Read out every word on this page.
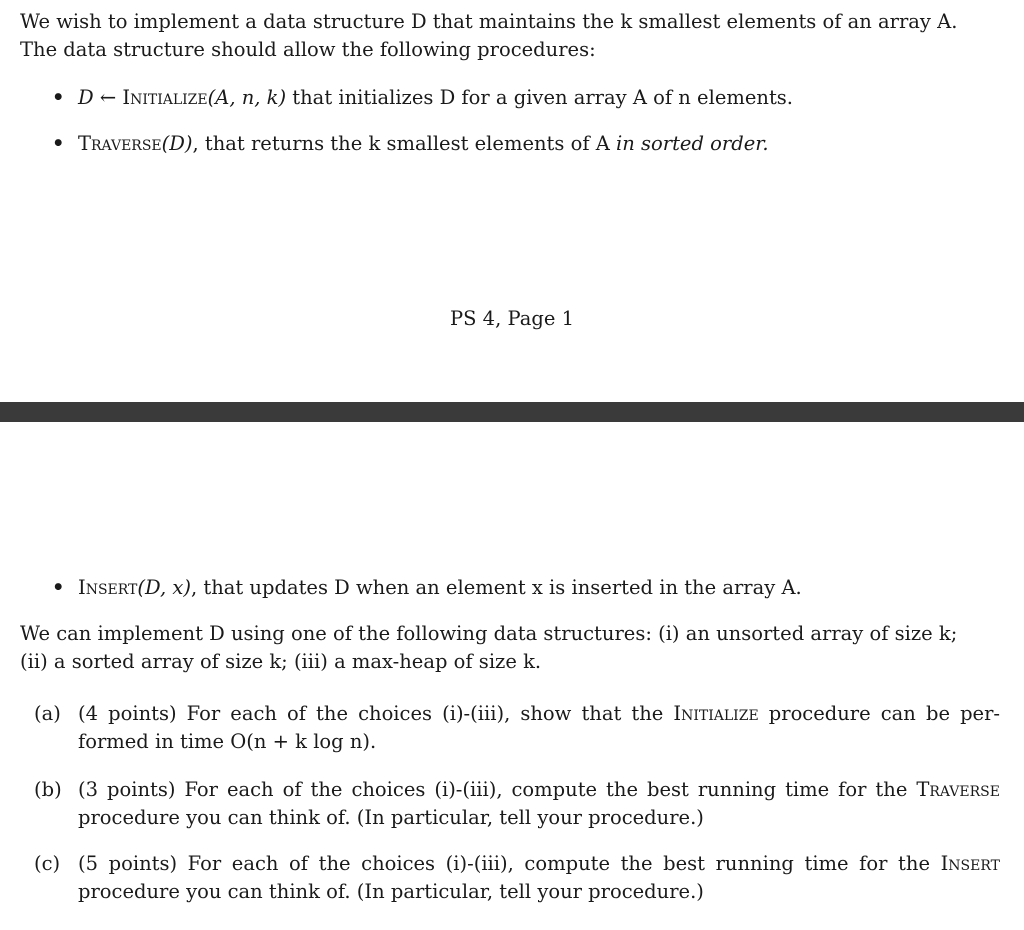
We wish to implement a data structure D that maintains the k smallest elements of an array A.
The data structure should allow the following procedures:

• D ← Initialize(A, n, k) that initializes D for a given array A of n elements.

• Traverse(D), that returns the k smallest elements of A in sorted order.

PS 4, Page 1

• Insert(D, x), that updates D when an element x is inserted in the array A.

We can implement D using one of the following data structures: (i) an unsorted array of size k;
(ii) a sorted array of size k; (iii) a max-heap of size k.

(a) (4 points) For each of the choices (i)-(iii), show that the Initialize procedure can be per-formed in time O(n + k log n).
(b) (3 points) For each of the choices (i)-(iii), compute the best running time for the Traverse procedure you can think of. (In particular, tell your procedure.)
(c) (5 points) For each of the choices (i)-(iii), compute the best running time for the Insert procedure you can think of. (In particular, tell your procedure.)
